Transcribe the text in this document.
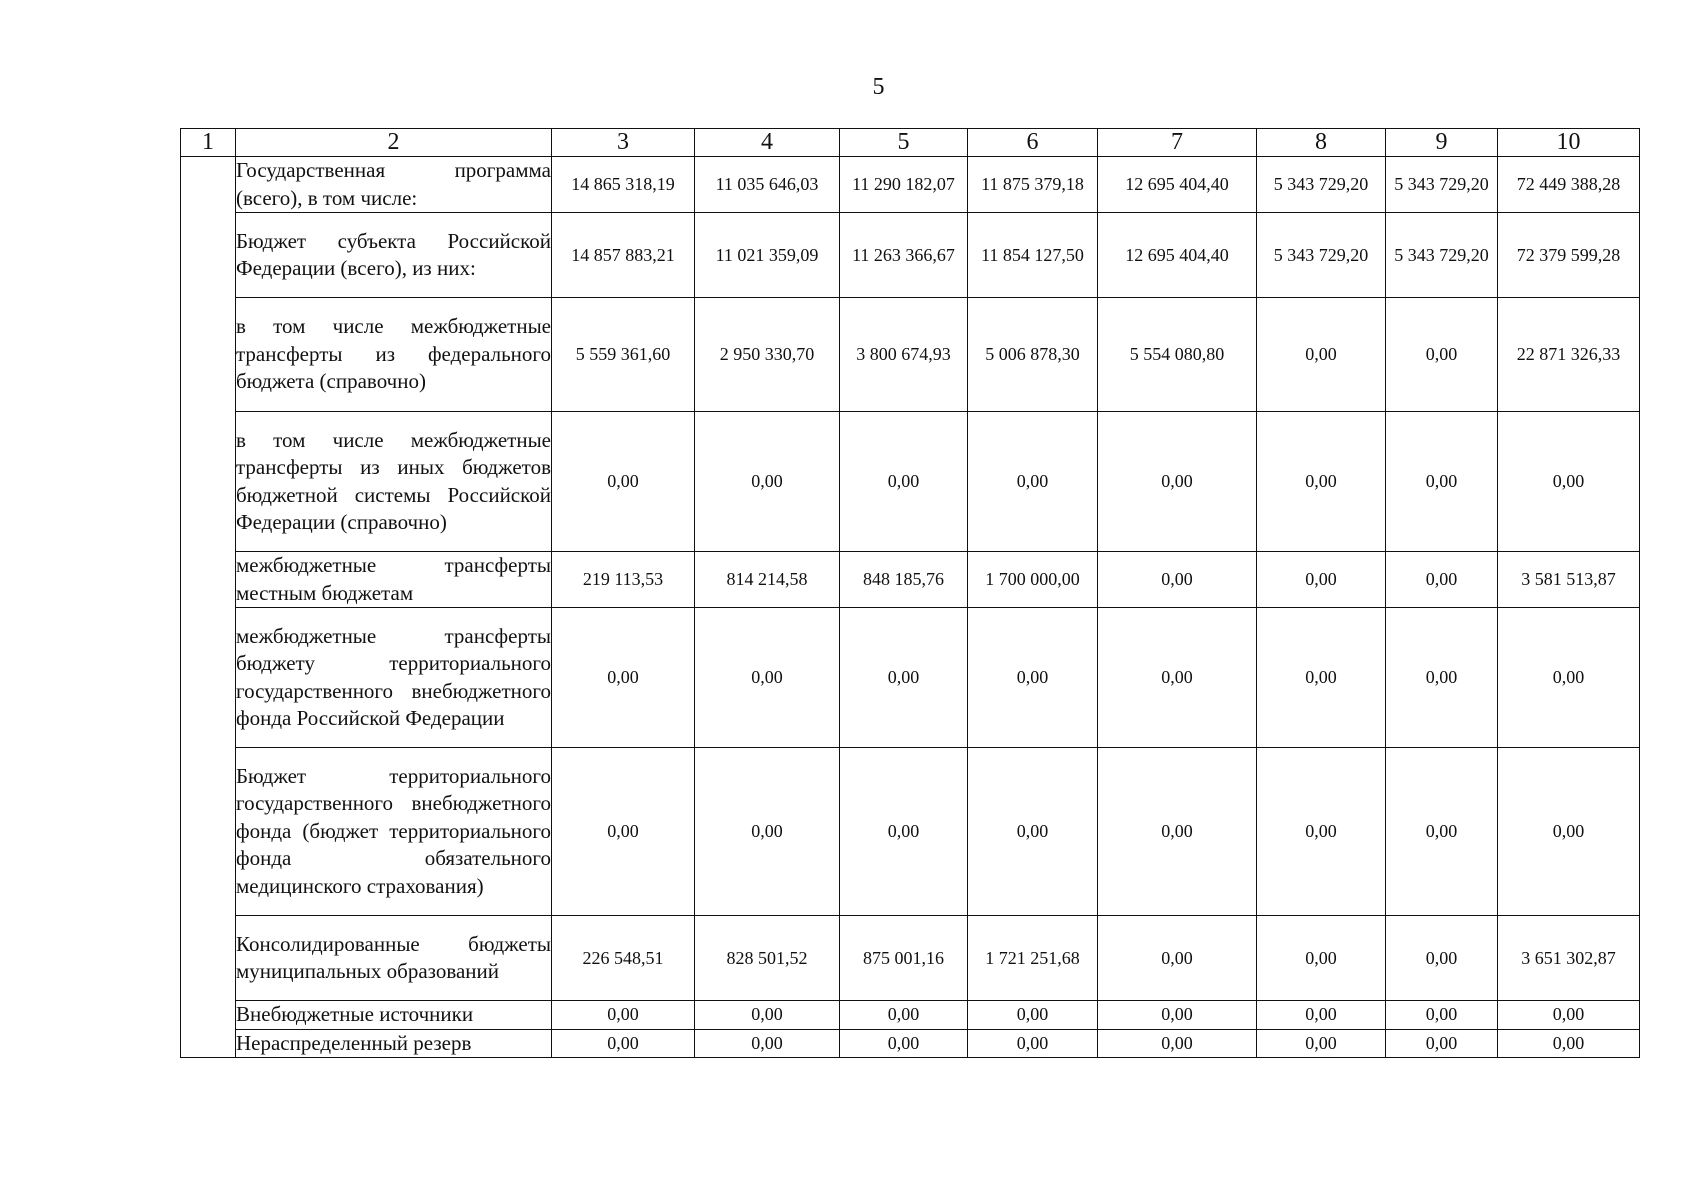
5
1	2	3	4	5	6	7	8	9	10
	Государственная программа (всего), в том числе:	14 865 318,19	11 035 646,03	11 290 182,07	11 875 379,18	12 695 404,40	5 343 729,20	5 343 729,20	72 449 388,28
	Бюджет субъекта Российской Федерации (всего), из них:	14 857 883,21	11 021 359,09	11 263 366,67	11 854 127,50	12 695 404,40	5 343 729,20	5 343 729,20	72 379 599,28
	в том числе межбюджетные трансферты из федерального бюджета (справочно)	5 559 361,60	2 950 330,70	3 800 674,93	5 006 878,30	5 554 080,80	0,00	0,00	22 871 326,33
	в том числе межбюджетные трансферты из иных бюджетов бюджетной системы Российской Федерации (справочно)	0,00	0,00	0,00	0,00	0,00	0,00	0,00	0,00
	межбюджетные трансферты местным бюджетам	219 113,53	814 214,58	848 185,76	1 700 000,00	0,00	0,00	0,00	3 581 513,87
	межбюджетные трансферты бюджету территориального государственного внебюджетного фонда Российской Федерации	0,00	0,00	0,00	0,00	0,00	0,00	0,00	0,00
	Бюджет территориального государственного внебюджетного фонда (бюджет территориального фонда обязательного медицинского страхования)	0,00	0,00	0,00	0,00	0,00	0,00	0,00	0,00
	Консолидированные бюджеты муниципальных образований	226 548,51	828 501,52	875 001,16	1 721 251,68	0,00	0,00	0,00	3 651 302,87
	Внебюджетные источники	0,00	0,00	0,00	0,00	0,00	0,00	0,00	0,00
	Нераспределенный резерв	0,00	0,00	0,00	0,00	0,00	0,00	0,00	0,00
